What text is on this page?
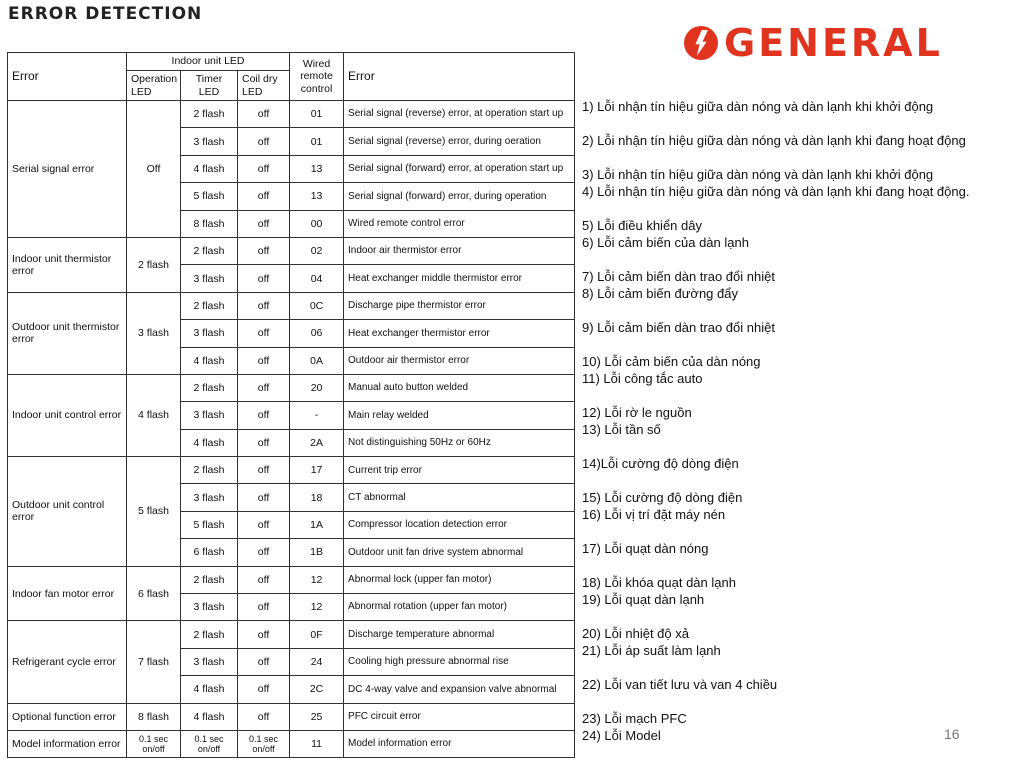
ERROR DETECTION
GENERAL
Error	Indoor unit LED			Wired remote control	Error
	Operation LED	Timer LED	Coil dry LED		
Serial signal error	Off	2 flash	off	01	Serial signal (reverse) error, at operation start up
		3 flash	off	01	Serial signal (reverse) error, during oeration
		4 flash	off	13	Serial signal (forward) error, at operation start up
		5 flash	off	13	Serial signal (forward) error, during operation
		8 flash	off	00	Wired remote control error
Indoor unit thermistor error	2 flash	2 flash	off	02	Indoor air thermistor error
		3 flash	off	04	Heat exchanger middle thermistor error
Outdoor unit thermistor error	3 flash	2 flash	off	0C	Discharge pipe thermistor error
		3 flash	off	06	Heat exchanger thermistor error
		4 flash	off	0A	Outdoor air thermistor error
Indoor unit control error	4 flash	2 flash	off	20	Manual auto button welded
		3 flash	off	-	Main relay welded
		4 flash	off	2A	Not distinguishing 50Hz or 60Hz
Outdoor unit control error	5 flash	2 flash	off	17	Current trip error
		3 flash	off	18	CT abnormal
		5 flash	off	1A	Compressor location detection error
		6 flash	off	1B	Outdoor unit fan drive system abnormal
Indoor fan motor error	6 flash	2 flash	off	12	Abnormal lock (upper fan motor)
		3 flash	off	12	Abnormal rotation (upper fan motor)
Refrigerant cycle error	7 flash	2 flash	off	0F	Discharge temperature abnormal
		3 flash	off	24	Cooling high pressure abnormal rise
		4 flash	off	2C	DC 4-way valve and expansion valve abnormal
Optional function error	8 flash	4 flash	off	25	PFC circuit error
Model information error	0.1 sec on/off	0.1 sec on/off	0.1 sec on/off	11	Model information error
1) Lỗi nhận tín hiệu giữa dàn nóng và dàn lạnh khi khởi động

2) Lỗi nhận tín hiệu giữa dàn nóng và dàn lạnh khi đang hoạt động

3) Lỗi nhận tín hiệu giữa dàn nóng và dàn lạnh khi khởi động
4) Lỗi nhận tín hiệu giữa dàn nóng và dàn lạnh khi đang hoạt động.

5) Lỗi điều khiển dây
6) Lỗi cảm biến của dàn lạnh

7) Lỗi cảm biến dàn trao đổi nhiệt
8) Lỗi cảm biến đường đẩy

9) Lỗi cảm biến dàn trao đổi nhiệt

10) Lỗi cảm biến của dàn nóng
11) Lỗi công tắc auto

12) Lỗi rờ le nguồn
13) Lỗi tần số

14)Lỗi cường độ dòng điện

15) Lỗi cường độ dòng điện
16) Lỗi vị trí đặt máy nén

17) Lỗi quạt dàn nóng

18) Lỗi khóa quạt dàn lạnh
19) Lỗi quạt dàn lạnh

20) Lỗi nhiệt độ xả
21) Lỗi áp suất làm lạnh

22) Lỗi van tiết lưu và van 4 chiều

23) Lỗi mạch PFC
24) Lỗi Model	16
